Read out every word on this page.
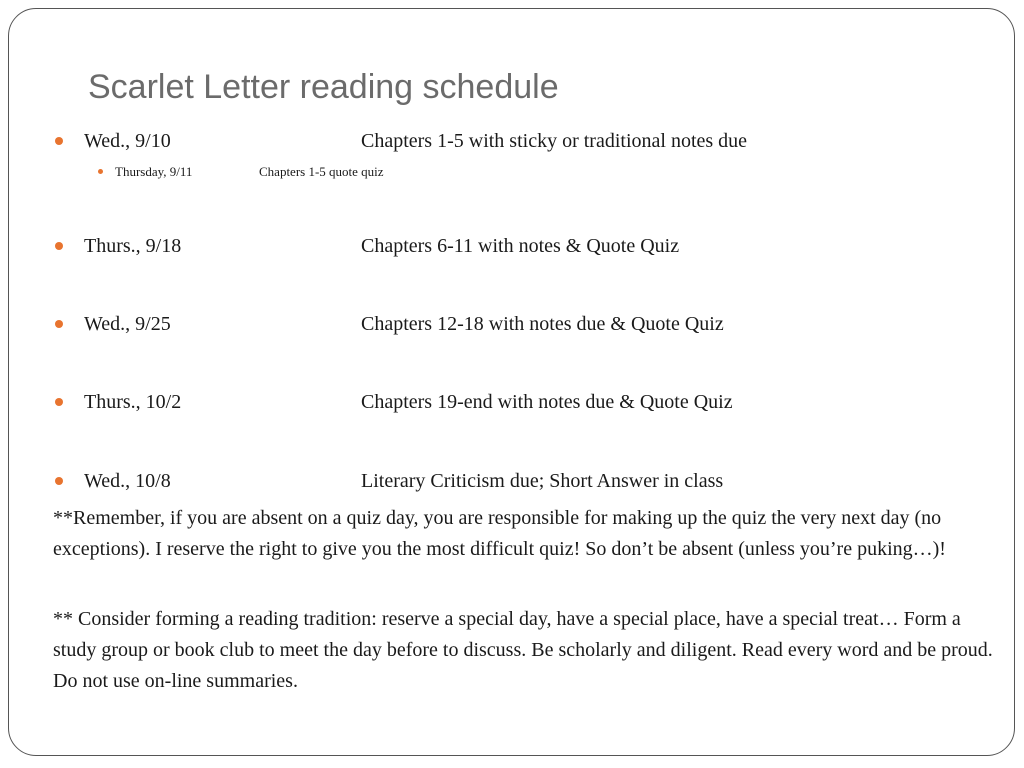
Scarlet Letter reading schedule
Wed., 9/10	Chapters 1-5 with sticky or traditional notes due
Thursday, 9/11	Chapters 1-5 quote quiz
Thurs., 9/18	Chapters 6-11 with notes & Quote Quiz
Wed., 9/25	Chapters 12-18 with notes due & Quote Quiz
Thurs., 10/2	Chapters 19-end with notes due & Quote Quiz
Wed., 10/8	Literary Criticism due; Short Answer in class

**Remember, if you are absent on a quiz day, you are responsible for making up the quiz the very next day (no exceptions). I reserve the right to give you the most difficult quiz! So don’t be absent (unless you’re puking…)!

** Consider forming a reading tradition: reserve a special day, have a special place, have a special treat… Form a study group or book club to meet the day before to discuss. Be scholarly and diligent. Read every word and be proud. Do not use on-line summaries.
